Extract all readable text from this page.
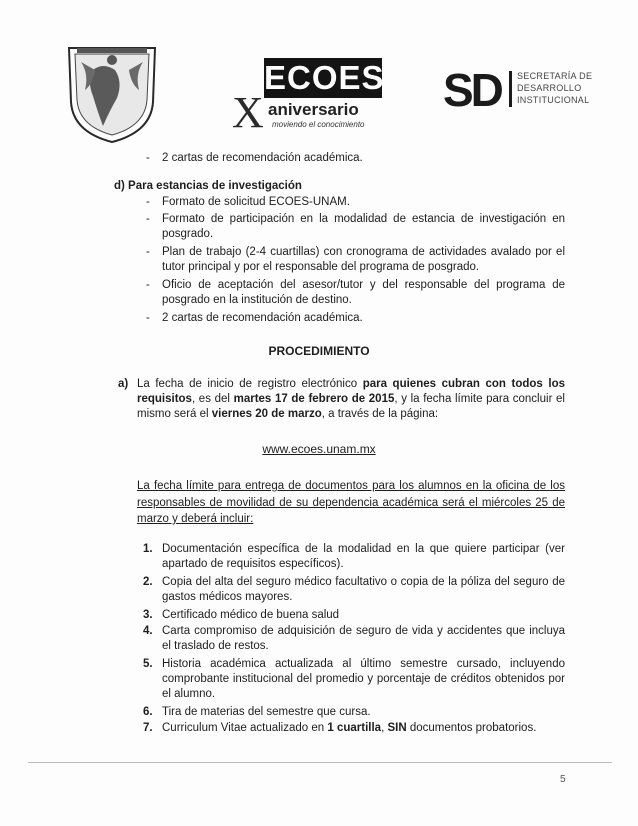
ECOES
X aniversario
moviendo el conocimiento
SD SECRETARÍA DE
DESARROLLO
INSTITUCIONAL
- 2 cartas de recomendación académica.
d) Para estancias de investigación
- Formato de solicitud ECOES-UNAM.
- Formato de participación en la modalidad de estancia de investigación en posgrado.
- Plan de trabajo (2-4 cuartillas) con cronograma de actividades avalado por el tutor principal y por el responsable del programa de posgrado.
- Oficio de aceptación del asesor/tutor y del responsable del programa de posgrado en la institución de destino.
- 2 cartas de recomendación académica.
PROCEDIMIENTO
a) La fecha de inicio de registro electrónico para quienes cubran con todos los requisitos, es del martes 17 de febrero de 2015, y la fecha límite para concluir el mismo será el viernes 20 de marzo, a través de la página:
www.ecoes.unam.mx
La fecha límite para entrega de documentos para los alumnos en la oficina de los responsables de movilidad de su dependencia académica será el miércoles 25 de marzo y deberá incluir:
1. Documentación específica de la modalidad en la que quiere participar (ver apartado de requisitos específicos).
2. Copia del alta del seguro médico facultativo o copia de la póliza del seguro de gastos médicos mayores.
3. Certificado médico de buena salud
4. Carta compromiso de adquisición de seguro de vida y accidentes que incluya el traslado de restos.
5. Historia académica actualizada al último semestre cursado, incluyendo comprobante institucional del promedio y porcentaje de créditos obtenidos por el alumno.
6. Tira de materias del semestre que cursa.
7. Curriculum Vitae actualizado en 1 cuartilla, SIN documentos probatorios.
5
